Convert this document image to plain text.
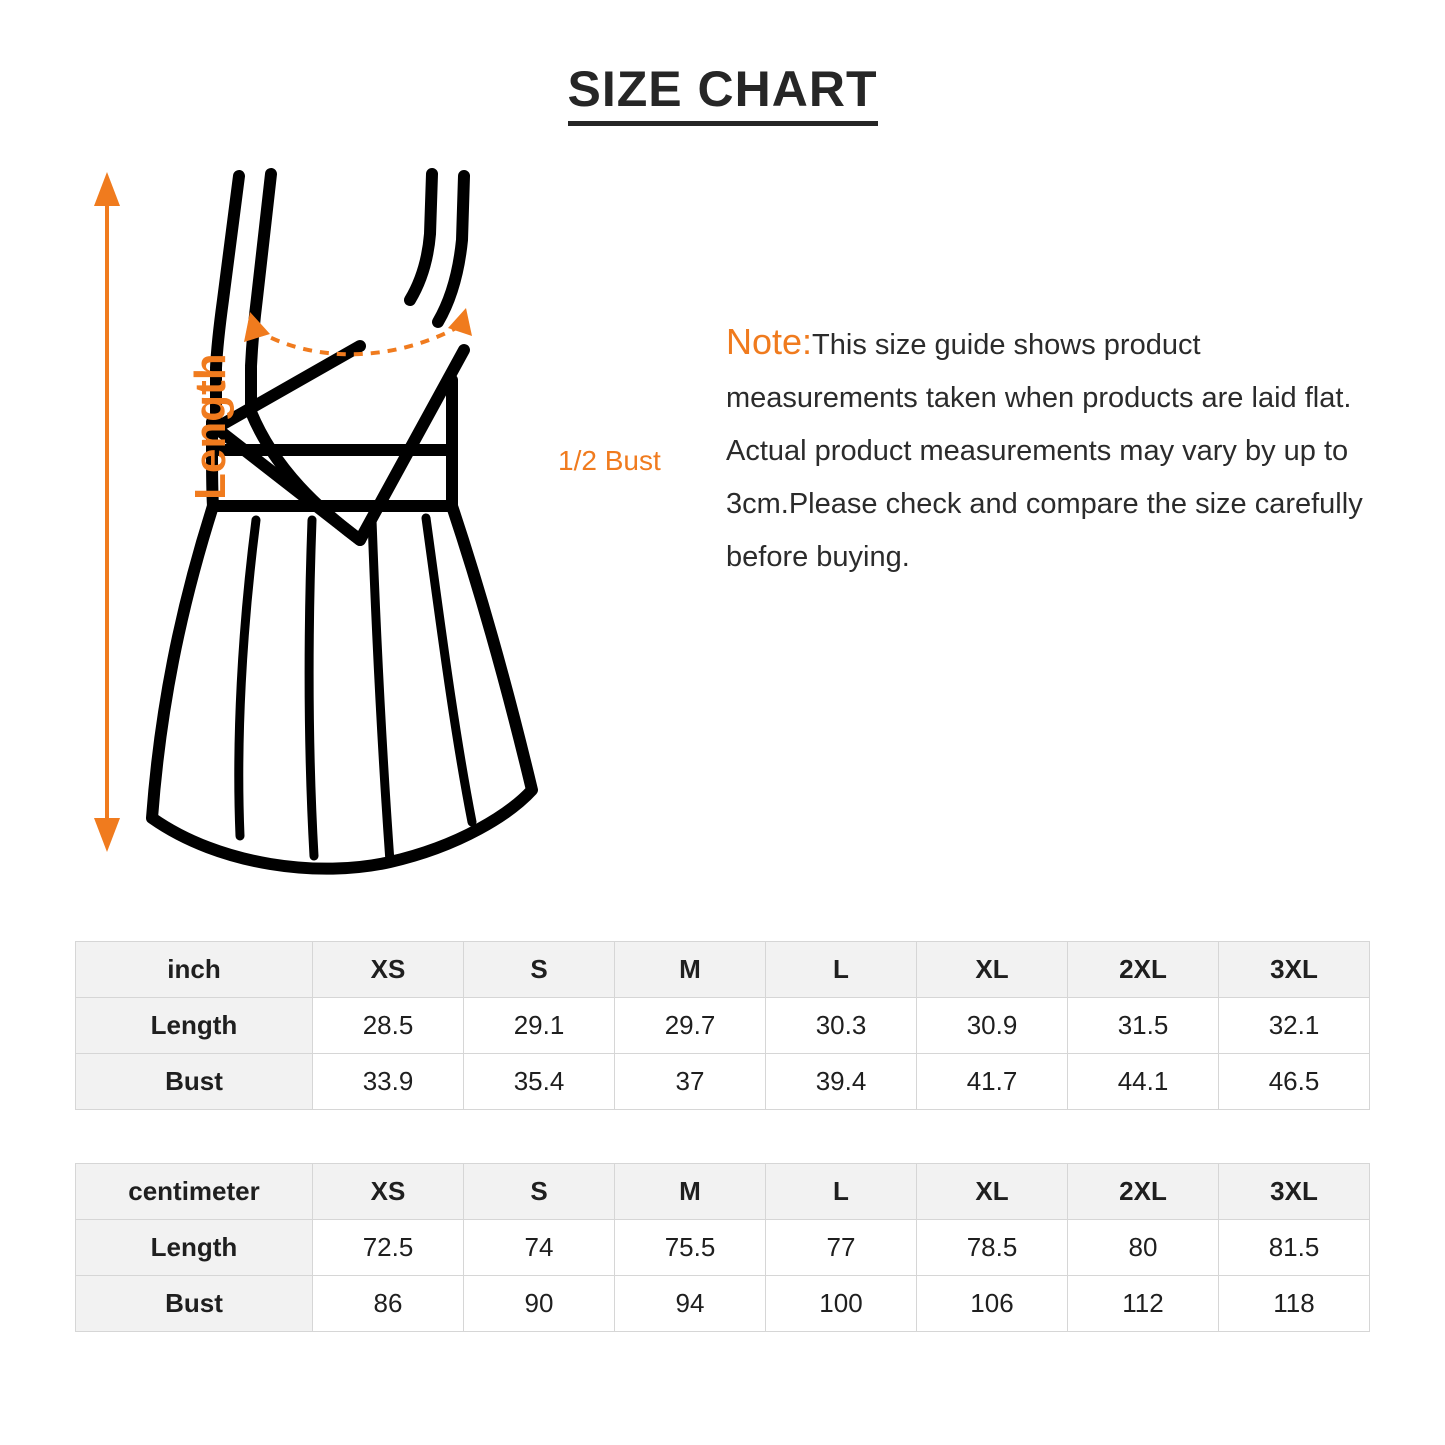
SIZE CHART
Length	1/2 Bust
Note:This size guide shows product measurements taken when products are laid flat. Actual product measurements may vary by up to 3cm.Please check and compare the size carefully before buying.
inch	XS	S	M	L	XL	2XL	3XL
Length	28.5	29.1	29.7	30.3	30.9	31.5	32.1
Bust	33.9	35.4	37	39.4	41.7	44.1	46.5
centimeter	XS	S	M	L	XL	2XL	3XL
Length	72.5	74	75.5	77	78.5	80	81.5
Bust	86	90	94	100	106	112	118
